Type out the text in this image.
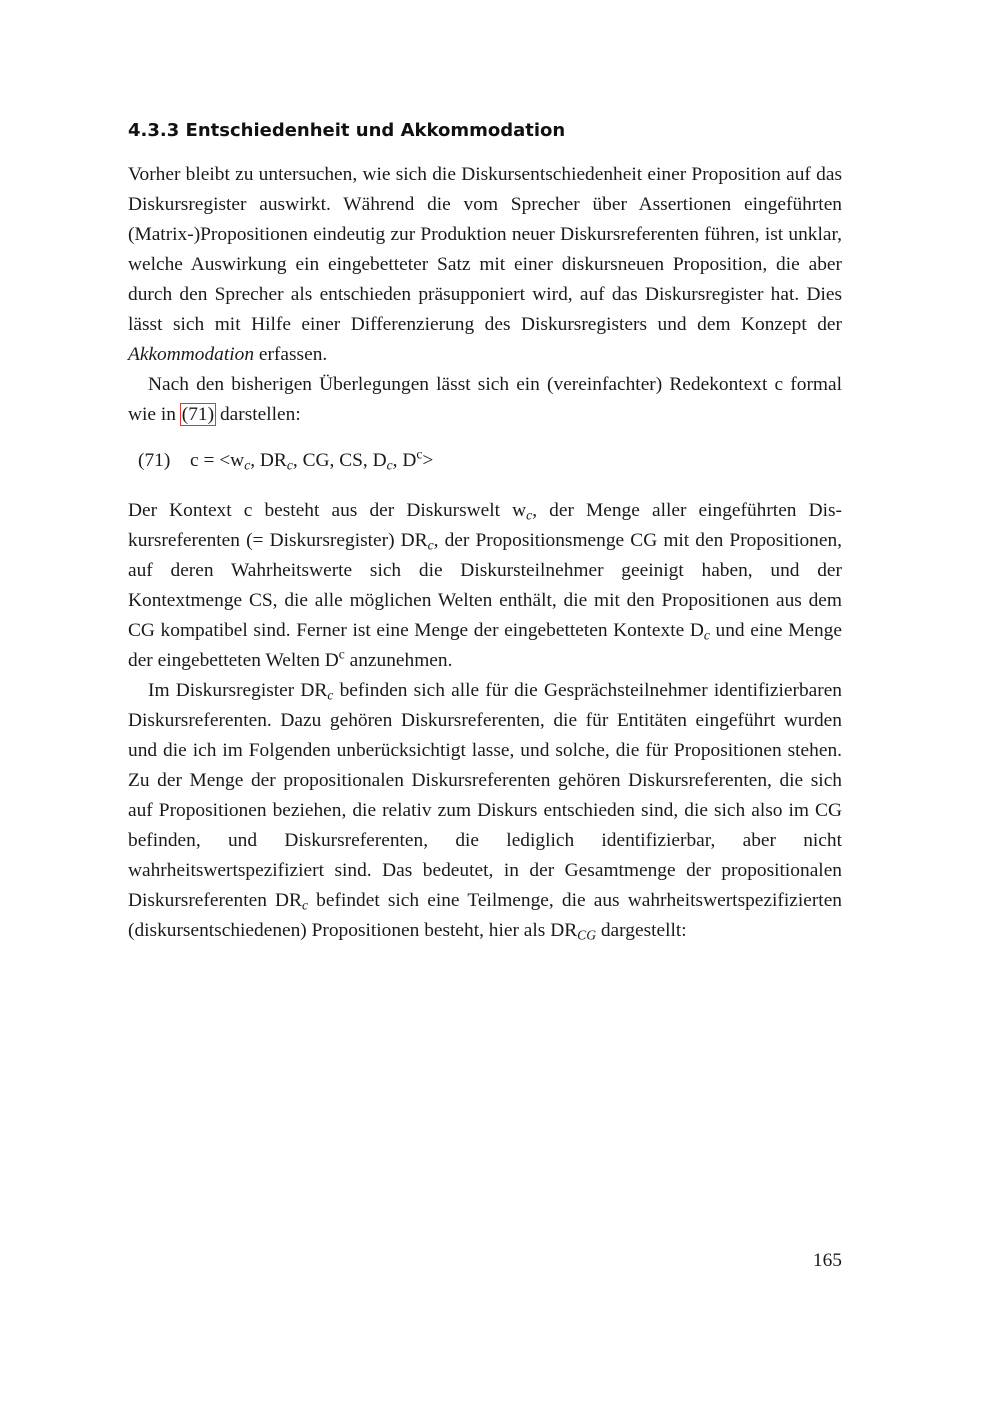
4.3.3 Entschiedenheit und Akkommodation

Vorher bleibt zu untersuchen, wie sich die Diskursentschiedenheit einer Proposition auf das Diskursregister auswirkt. Während die vom Sprecher über Assertionen eingeführten (Matrix-)Propositionen eindeutig zur Produktion neuer Diskursreferenten führen, ist unklar, welche Auswirkung ein eingebetteter Satz mit einer diskursneuen Proposition, die aber durch den Sprecher als entschieden präsupponiert wird, auf das Diskursregister hat. Dies lässt sich mit Hilfe einer Differenzierung des Diskursregisters und dem Konzept der Akkommodation erfassen.

Nach den bisherigen Überlegungen lässt sich ein (vereinfachter) Redekontext c formal wie in (71) darstellen:

(71) $c = <w_c$, $DR_c$, CG, CS, $D_c$, $D^c>$

Der Kontext c besteht aus der Diskurswelt $w_c$, der Menge aller eingeführten Diskursreferenten (= Diskursregister) $DR_c$, der Propositionsmenge CG mit den Propositionen, auf deren Wahrheitswerte sich die Diskursteilnehmer geeinigt haben, und der Kontextmenge CS, die alle möglichen Welten enthält, die mit den Propositionen aus dem CG kompatibel sind. Ferner ist eine Menge der eingebetteten Kontexte $D_c$ und eine Menge der eingebetteten Welten $D^c$ anzunehmen.

Im Diskursregister $DR_c$ befinden sich alle für die Gesprächsteilnehmer identifizierbaren Diskursreferenten. Dazu gehören Diskursreferenten, die für Entitäten eingeführt wurden und die ich im Folgenden unberücksichtigt lasse, und solche, die für Propositionen stehen. Zu der Menge der propositionalen Diskursreferenten gehören Diskursreferenten, die sich auf Propositionen beziehen, die relativ zum Diskurs entschieden sind, die sich also im CG befinden, und Diskursreferenten, die lediglich identifizierbar, aber nicht wahrheitswertspezifiziert sind. Das bedeutet, in der Gesamtmenge der propositionalen Diskursreferenten $DR_c$ befindet sich eine Teilmenge, die aus wahrheitswertspezifizierten (diskursentschiedenen) Propositionen besteht, hier als $DR_{CG}$ dargestellt:

165
